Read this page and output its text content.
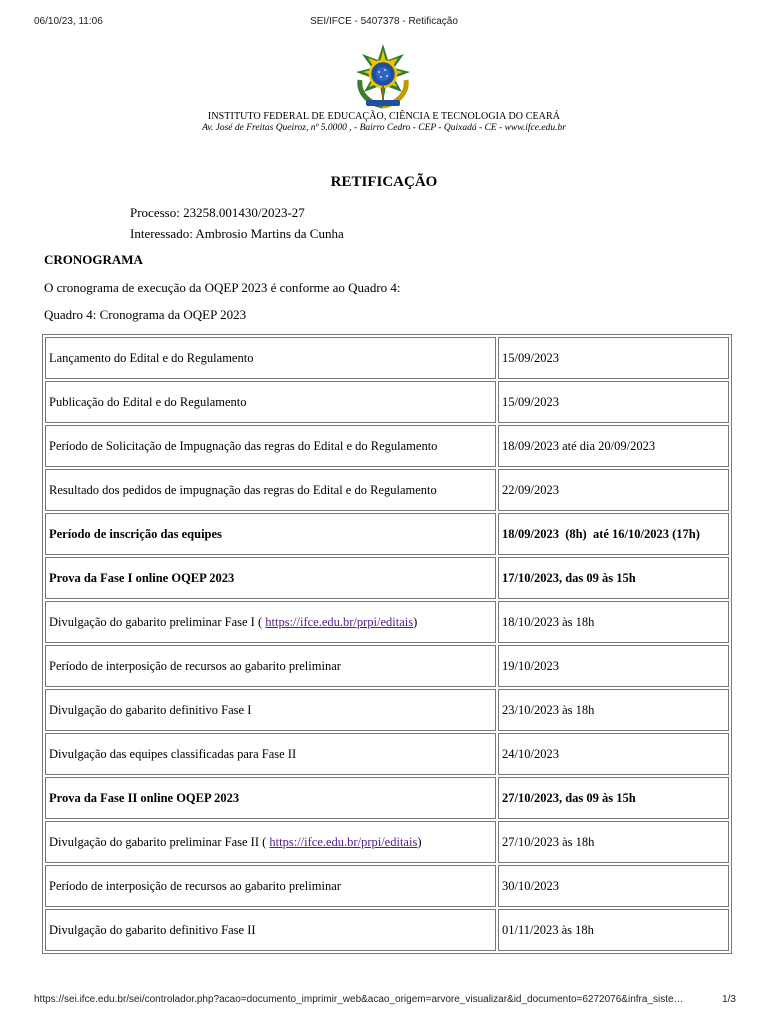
06/10/23, 11:06	SEI/IFCE - 5407378 - Retificação
INSTITUTO FEDERAL DE EDUCAÇÃO, CIÊNCIA E TECNOLOGIA DO CEARÁ
Av. José de Freitas Queiroz, nº 5.0000 , - Bairro Cedro - CEP - Quixadá - CE - www.ifce.edu.br
RETIFICAÇÃO
Processo: 23258.001430/2023-27
Interessado: Ambrosio Martins da Cunha
CRONOGRAMA
O cronograma de execução da OQEP 2023 é conforme ao Quadro 4:
Quadro 4: Cronograma da OQEP 2023
Lançamento do Edital e do Regulamento	15/09/2023
Publicação do Edital e do Regulamento	15/09/2023
Período de Solicitação de Impugnação das regras do Edital e do Regulamento	18/09/2023 até dia 20/09/2023
Resultado dos pedidos de impugnação das regras do Edital e do Regulamento	22/09/2023
Período de inscrição das equipes	18/09/2023  (8h)  até 16/10/2023 (17h)
Prova da Fase I online OQEP 2023	17/10/2023, das 09 às 15h
Divulgação do gabarito preliminar Fase I ( https://ifce.edu.br/prpi/editais)	18/10/2023 às 18h
Período de interposição de recursos ao gabarito preliminar	19/10/2023
Divulgação do gabarito definitivo Fase I	23/10/2023 às 18h
Divulgação das equipes classificadas para Fase II	24/10/2023
Prova da Fase II online OQEP 2023	27/10/2023, das 09 às 15h
Divulgação do gabarito preliminar Fase II ( https://ifce.edu.br/prpi/editais)	27/10/2023 às 18h
Período de interposição de recursos ao gabarito preliminar	30/10/2023
Divulgação do gabarito definitivo Fase II	01/11/2023 às 18h
https://sei.ifce.edu.br/sei/controlador.php?acao=documento_imprimir_web&acao_origem=arvore_visualizar&id_documento=6272076&infra_siste…	1/3
